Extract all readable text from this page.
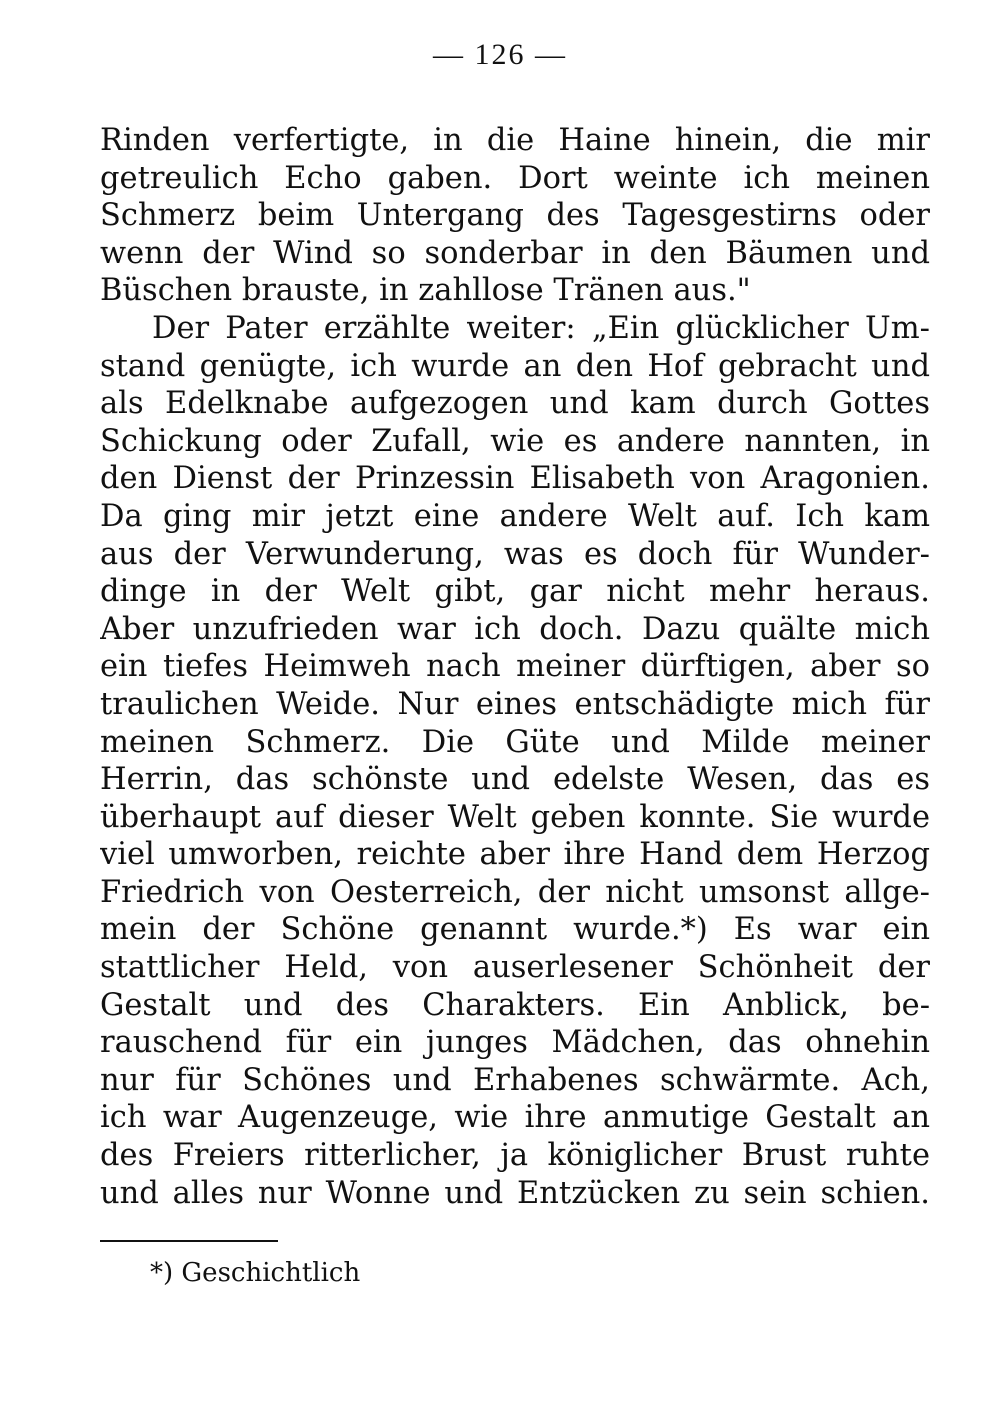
— 126 —
Rinden verfertigte, in die Haine hinein, die mir
getreulich Echo gaben. Dort weinte ich meinen
Schmerz beim Untergang des Tagesgestirns oder
wenn der Wind so sonderbar in den Bäumen und
Büschen brauste, in zahllose Tränen aus."
Der Pater erzählte weiter: „Ein glücklicher Um-
stand genügte, ich wurde an den Hof gebracht und
als Edelknabe aufgezogen und kam durch Gottes
Schickung oder Zufall, wie es andere nannten, in
den Dienst der Prinzessin Elisabeth von Aragonien.
Da ging mir jetzt eine andere Welt auf. Ich kam
aus der Verwunderung, was es doch für Wunder-
dinge in der Welt gibt, gar nicht mehr heraus.
Aber unzufrieden war ich doch. Dazu quälte mich
ein tiefes Heimweh nach meiner dürftigen, aber so
traulichen Weide. Nur eines entschädigte mich für
meinen Schmerz. Die Güte und Milde meiner
Herrin, das schönste und edelste Wesen, das es
überhaupt auf dieser Welt geben konnte. Sie wurde
viel umworben, reichte aber ihre Hand dem Herzog
Friedrich von Oesterreich, der nicht umsonst allge-
mein der Schöne genannt wurde.*) Es war ein
stattlicher Held, von auserlesener Schönheit der
Gestalt und des Charakters. Ein Anblick, be-
rauschend für ein junges Mädchen, das ohnehin
nur für Schönes und Erhabenes schwärmte. Ach,
ich war Augenzeuge, wie ihre anmutige Gestalt an
des Freiers ritterlicher, ja königlicher Brust ruhte
und alles nur Wonne und Entzücken zu sein schien.
*) Geschichtlich
